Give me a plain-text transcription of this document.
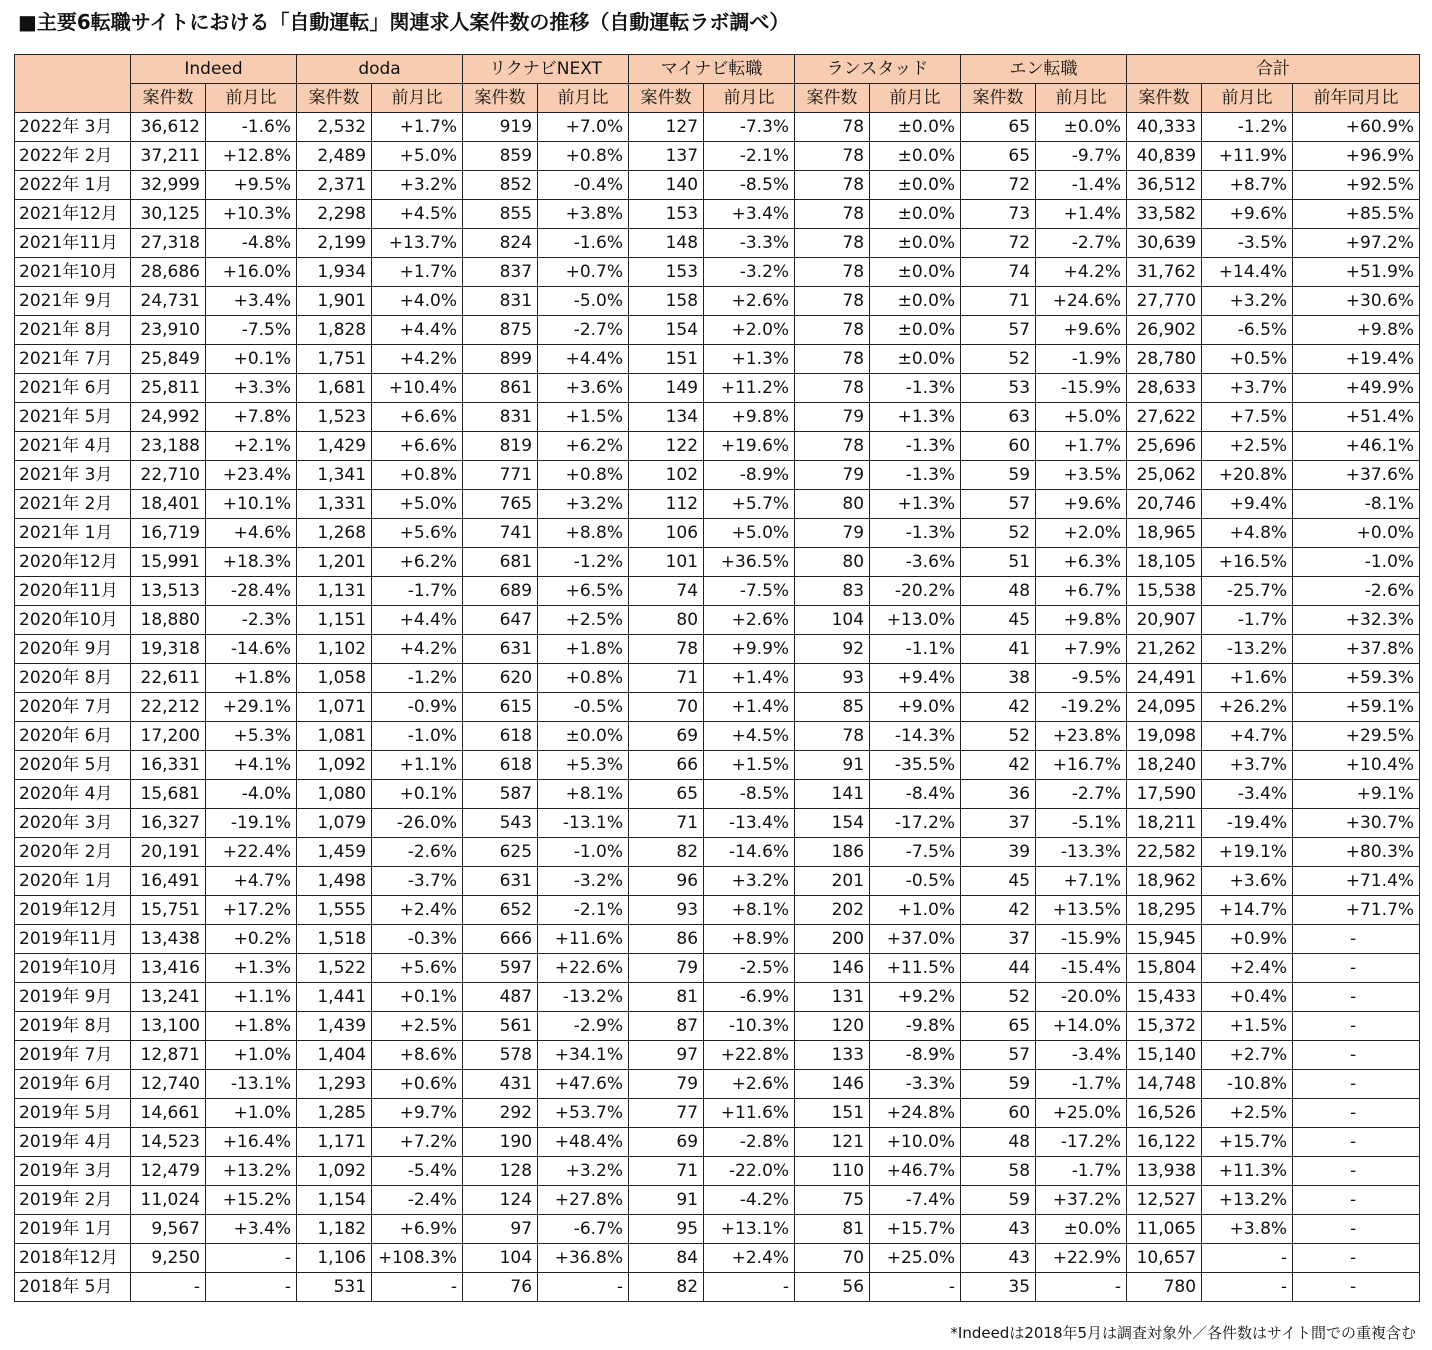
■主要6転職サイトにおける「自動運転」関連求人案件数の推移（自動運転ラボ調べ）
	Indeed		doda		リクナビNEXT		マイナビ転職		ランスタッド		エン転職		合計		
	案件数	前月比	案件数	前月比	案件数	前月比	案件数	前月比	案件数	前月比	案件数	前月比	案件数	前月比	前年同月比
2022年 3月	36,612	-1.6%	2,532	+1.7%	919	+7.0%	127	-7.3%	78	±0.0%	65	±0.0%	40,333	-1.2%	+60.9%
2022年 2月	37,211	+12.8%	2,489	+5.0%	859	+0.8%	137	-2.1%	78	±0.0%	65	-9.7%	40,839	+11.9%	+96.9%
2022年 1月	32,999	+9.5%	2,371	+3.2%	852	-0.4%	140	-8.5%	78	±0.0%	72	-1.4%	36,512	+8.7%	+92.5%
2021年12月	30,125	+10.3%	2,298	+4.5%	855	+3.8%	153	+3.4%	78	±0.0%	73	+1.4%	33,582	+9.6%	+85.5%
2021年11月	27,318	-4.8%	2,199	+13.7%	824	-1.6%	148	-3.3%	78	±0.0%	72	-2.7%	30,639	-3.5%	+97.2%
2021年10月	28,686	+16.0%	1,934	+1.7%	837	+0.7%	153	-3.2%	78	±0.0%	74	+4.2%	31,762	+14.4%	+51.9%
2021年 9月	24,731	+3.4%	1,901	+4.0%	831	-5.0%	158	+2.6%	78	±0.0%	71	+24.6%	27,770	+3.2%	+30.6%
2021年 8月	23,910	-7.5%	1,828	+4.4%	875	-2.7%	154	+2.0%	78	±0.0%	57	+9.6%	26,902	-6.5%	+9.8%
2021年 7月	25,849	+0.1%	1,751	+4.2%	899	+4.4%	151	+1.3%	78	±0.0%	52	-1.9%	28,780	+0.5%	+19.4%
2021年 6月	25,811	+3.3%	1,681	+10.4%	861	+3.6%	149	+11.2%	78	-1.3%	53	-15.9%	28,633	+3.7%	+49.9%
2021年 5月	24,992	+7.8%	1,523	+6.6%	831	+1.5%	134	+9.8%	79	+1.3%	63	+5.0%	27,622	+7.5%	+51.4%
2021年 4月	23,188	+2.1%	1,429	+6.6%	819	+6.2%	122	+19.6%	78	-1.3%	60	+1.7%	25,696	+2.5%	+46.1%
2021年 3月	22,710	+23.4%	1,341	+0.8%	771	+0.8%	102	-8.9%	79	-1.3%	59	+3.5%	25,062	+20.8%	+37.6%
2021年 2月	18,401	+10.1%	1,331	+5.0%	765	+3.2%	112	+5.7%	80	+1.3%	57	+9.6%	20,746	+9.4%	-8.1%
2021年 1月	16,719	+4.6%	1,268	+5.6%	741	+8.8%	106	+5.0%	79	-1.3%	52	+2.0%	18,965	+4.8%	+0.0%
2020年12月	15,991	+18.3%	1,201	+6.2%	681	-1.2%	101	+36.5%	80	-3.6%	51	+6.3%	18,105	+16.5%	-1.0%
2020年11月	13,513	-28.4%	1,131	-1.7%	689	+6.5%	74	-7.5%	83	-20.2%	48	+6.7%	15,538	-25.7%	-2.6%
2020年10月	18,880	-2.3%	1,151	+4.4%	647	+2.5%	80	+2.6%	104	+13.0%	45	+9.8%	20,907	-1.7%	+32.3%
2020年 9月	19,318	-14.6%	1,102	+4.2%	631	+1.8%	78	+9.9%	92	-1.1%	41	+7.9%	21,262	-13.2%	+37.8%
2020年 8月	22,611	+1.8%	1,058	-1.2%	620	+0.8%	71	+1.4%	93	+9.4%	38	-9.5%	24,491	+1.6%	+59.3%
2020年 7月	22,212	+29.1%	1,071	-0.9%	615	-0.5%	70	+1.4%	85	+9.0%	42	-19.2%	24,095	+26.2%	+59.1%
2020年 6月	17,200	+5.3%	1,081	-1.0%	618	±0.0%	69	+4.5%	78	-14.3%	52	+23.8%	19,098	+4.7%	+29.5%
2020年 5月	16,331	+4.1%	1,092	+1.1%	618	+5.3%	66	+1.5%	91	-35.5%	42	+16.7%	18,240	+3.7%	+10.4%
2020年 4月	15,681	-4.0%	1,080	+0.1%	587	+8.1%	65	-8.5%	141	-8.4%	36	-2.7%	17,590	-3.4%	+9.1%
2020年 3月	16,327	-19.1%	1,079	-26.0%	543	-13.1%	71	-13.4%	154	-17.2%	37	-5.1%	18,211	-19.4%	+30.7%
2020年 2月	20,191	+22.4%	1,459	-2.6%	625	-1.0%	82	-14.6%	186	-7.5%	39	-13.3%	22,582	+19.1%	+80.3%
2020年 1月	16,491	+4.7%	1,498	-3.7%	631	-3.2%	96	+3.2%	201	-0.5%	45	+7.1%	18,962	+3.6%	+71.4%
2019年12月	15,751	+17.2%	1,555	+2.4%	652	-2.1%	93	+8.1%	202	+1.0%	42	+13.5%	18,295	+14.7%	+71.7%
2019年11月	13,438	+0.2%	1,518	-0.3%	666	+11.6%	86	+8.9%	200	+37.0%	37	-15.9%	15,945	+0.9%	-
2019年10月	13,416	+1.3%	1,522	+5.6%	597	+22.6%	79	-2.5%	146	+11.5%	44	-15.4%	15,804	+2.4%	-
2019年 9月	13,241	+1.1%	1,441	+0.1%	487	-13.2%	81	-6.9%	131	+9.2%	52	-20.0%	15,433	+0.4%	-
2019年 8月	13,100	+1.8%	1,439	+2.5%	561	-2.9%	87	-10.3%	120	-9.8%	65	+14.0%	15,372	+1.5%	-
2019年 7月	12,871	+1.0%	1,404	+8.6%	578	+34.1%	97	+22.8%	133	-8.9%	57	-3.4%	15,140	+2.7%	-
2019年 6月	12,740	-13.1%	1,293	+0.6%	431	+47.6%	79	+2.6%	146	-3.3%	59	-1.7%	14,748	-10.8%	-
2019年 5月	14,661	+1.0%	1,285	+9.7%	292	+53.7%	77	+11.6%	151	+24.8%	60	+25.0%	16,526	+2.5%	-
2019年 4月	14,523	+16.4%	1,171	+7.2%	190	+48.4%	69	-2.8%	121	+10.0%	48	-17.2%	16,122	+15.7%	-
2019年 3月	12,479	+13.2%	1,092	-5.4%	128	+3.2%	71	-22.0%	110	+46.7%	58	-1.7%	13,938	+11.3%	-
2019年 2月	11,024	+15.2%	1,154	-2.4%	124	+27.8%	91	-4.2%	75	-7.4%	59	+37.2%	12,527	+13.2%	-
2019年 1月	9,567	+3.4%	1,182	+6.9%	97	-6.7%	95	+13.1%	81	+15.7%	43	±0.0%	11,065	+3.8%	-
2018年12月	9,250	-	1,106	+108.3%	104	+36.8%	84	+2.4%	70	+25.0%	43	+22.9%	10,657	-	-
2018年 5月	-	-	531	-	76	-	82	-	56	-	35	-	780	-	-
*Indeedは2018年5月は調査対象外／各件数はサイト間での重複含む
